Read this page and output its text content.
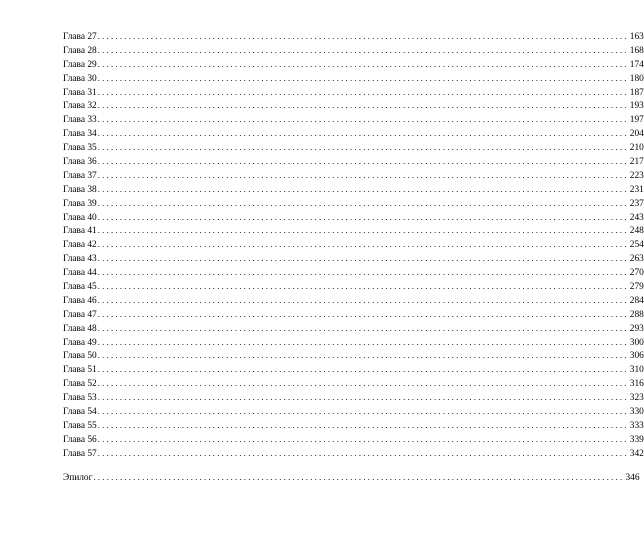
Глава 27 ........................................................................................................................ 163
Глава 28 ........................................................................................................................ 168
Глава 29 ........................................................................................................................ 174
Глава 30 ........................................................................................................................ 180
Глава 31 ........................................................................................................................ 187
Глава 32 ........................................................................................................................ 193
Глава 33 ........................................................................................................................ 197
Глава 34 ........................................................................................................................ 204
Глава 35 ........................................................................................................................ 210
Глава 36 ........................................................................................................................ 217
Глава 37 ........................................................................................................................ 223
Глава 38 ........................................................................................................................ 231
Глава 39 ........................................................................................................................ 237
Глава 40 ........................................................................................................................ 243
Глава 41 ........................................................................................................................ 248
Глава 42 ........................................................................................................................ 254
Глава 43 ........................................................................................................................ 263
Глава 44 ........................................................................................................................ 270
Глава 45 ........................................................................................................................ 279
Глава 46 ........................................................................................................................ 284
Глава 47 ........................................................................................................................ 288
Глава 48 ........................................................................................................................ 293
Глава 49 ........................................................................................................................ 300
Глава 50 ........................................................................................................................ 306
Глава 51 ........................................................................................................................ 310
Глава 52 ........................................................................................................................ 316
Глава 53 ........................................................................................................................ 323
Глава 54 ........................................................................................................................ 330
Глава 55 ........................................................................................................................ 333
Глава 56 ........................................................................................................................ 339
Глава 57 ........................................................................................................................ 342
Эпилог ........................................................................................................................ 346
